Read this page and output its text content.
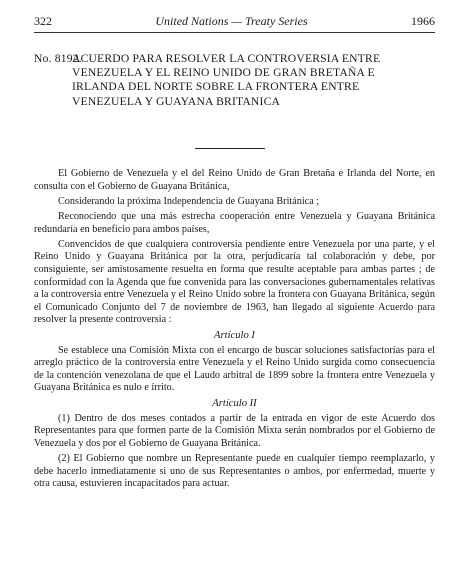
322	United Nations — Treaty Series	1966
No. 8192.
ACUERDO PARA RESOLVER LA CONTROVERSIA ENTRE VENEZUELA Y EL REINO UNIDO DE GRAN BRETAÑA E IRLANDA DEL NORTE SOBRE LA FRONTERA ENTRE VENEZUELA Y GUAYANA BRITANICA

El Gobierno de Venezuela y el del Reino Unido de Gran Bretaña e Irlanda del Norte, en consulta con el Gobierno de Guayana Británica,

Considerando la próxima Independencia de Guayana Británica ;

Reconociendo que una más estrecha cooperación entre Venezuela y Guayana Británica redundaría en beneficio para ambos países,

Convencidos de que cualquiera controversia pendiente entre Venezuela por una parte, y el Reino Unido y Guayana Británica por la otra, perjudicaría tal colaboración y debe, por consiguiente, ser amistosamente resuelta en forma que resulte aceptable para ambas partes ; de conformidad con la Agenda que fue convenida para las conversaciones gubernamentales relativas a la controversia entre Venezuela y el Reino Unido sobre la frontera con Guayana Británica, según el Comunicado Conjunto del 7 de noviembre de 1963, han llegado al siguiente Acuerdo para resolver la presente controversia :

Artículo I

Se establece una Comisión Mixta con el encargo de buscar soluciones satisfactorias para el arreglo práctico de la controversia entre Venezuela y el Reino Unido surgida como consecuencia de la contención venezolana de que el Laudo arbitral de 1899 sobre la frontera entre Venezuela y Guayana Británica es nulo e írrito.

Artículo II

(1) Dentro de dos meses contados a partir de la entrada en vigor de este Acuerdo dos Representantes para que formen parte de la Comisión Mixta serán nombrados por el Gobierno de Venezuela y dos por el Gobierno de Guayana Británica.

(2) El Gobierno que nombre un Representante puede en cualquier tiempo reemplazarlo, y debe hacerlo inmediatamente si uno de sus Representantes o ambos, por enfermedad, muerte y otra causa, estuvieren incapacitados para actuar.
